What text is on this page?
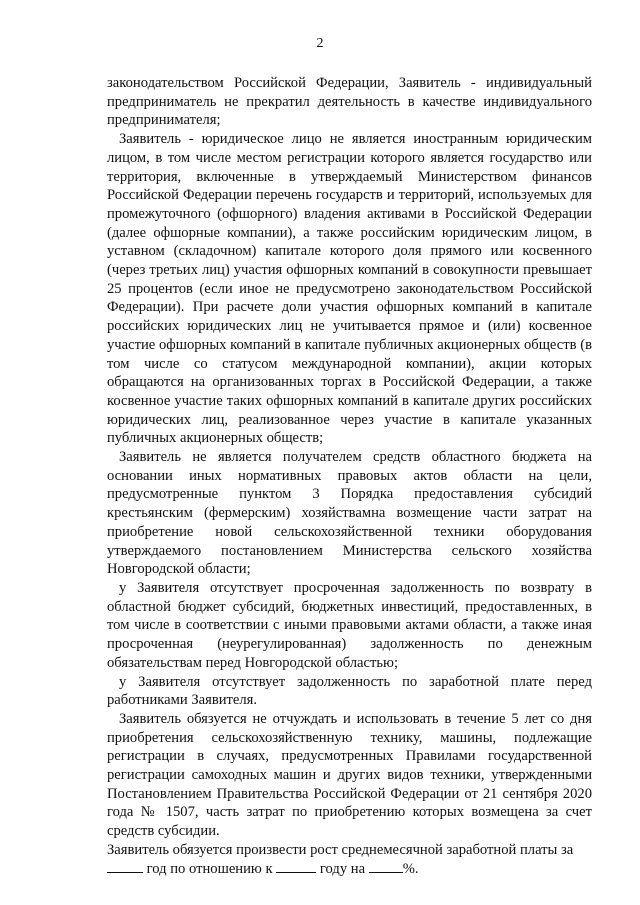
2

законодательством Российской Федерации, Заявитель - индивидуальный предприниматель не прекратил деятельность в качестве индивидуального предпринимателя;

Заявитель - юридическое лицо не является иностранным юридическим лицом, в том числе местом регистрации которого является государство или территория, включенные в утверждаемый Министерством финансов Российской Федерации перечень государств и территорий, используемых для промежуточного (офшорного) владения активами в Российской Федерации (далее офшорные компании), а также российским юридическим лицом, в уставном (складочном) капитале которого доля прямого или косвенного (через третьих лиц) участия офшорных компаний в совокупности превышает 25 процентов (если иное не предусмотрено законодательством Российской Федерации). При расчете доли участия офшорных компаний в капитале российских юридических лиц не учитывается прямое и (или) косвенное участие офшорных компаний в капитале публичных акционерных обществ (в том числе со статусом международной компании), акции которых обращаются на организованных торгах в Российской Федерации, а также косвенное участие таких офшорных компаний в капитале других российских юридических лиц, реализованное через участие в капитале указанных публичных акционерных обществ;

Заявитель не является получателем средств областного бюджета на основании иных нормативных правовых актов области на цели, предусмотренные пунктом 3 Порядка предоставления субсидий крестьянским (фермерским) хозяйствамна возмещение части затрат на приобретение новой сельскохозяйственной техники оборудования утверждаемого постановлением Министерства сельского хозяйства Новгородской области;

у Заявителя отсутствует просроченная задолженность по возврату в областной бюджет субсидий, бюджетных инвестиций, предоставленных, в том числе в соответствии с иными правовыми актами области, а также иная просроченная (неурегулированная) задолженность по денежным обязательствам перед Новгородской областью;

у Заявителя отсутствует задолженность по заработной плате перед работниками Заявителя.

Заявитель обязуется не отчуждать и использовать в течение 5 лет со дня приобретения сельскохозяйственную технику, машины, подлежащие регистрации в случаях, предусмотренных Правилами государственной регистрации самоходных машин и других видов техники, утвержденными Постановлением Правительства Российской Федерации от 21 сентября 2020 года № 1507, часть затрат по приобретению которых возмещена за счет средств субсидии.

Заявитель обязуется произвести рост среднемесячной заработной платы за
год по отношению к	году на	%.
